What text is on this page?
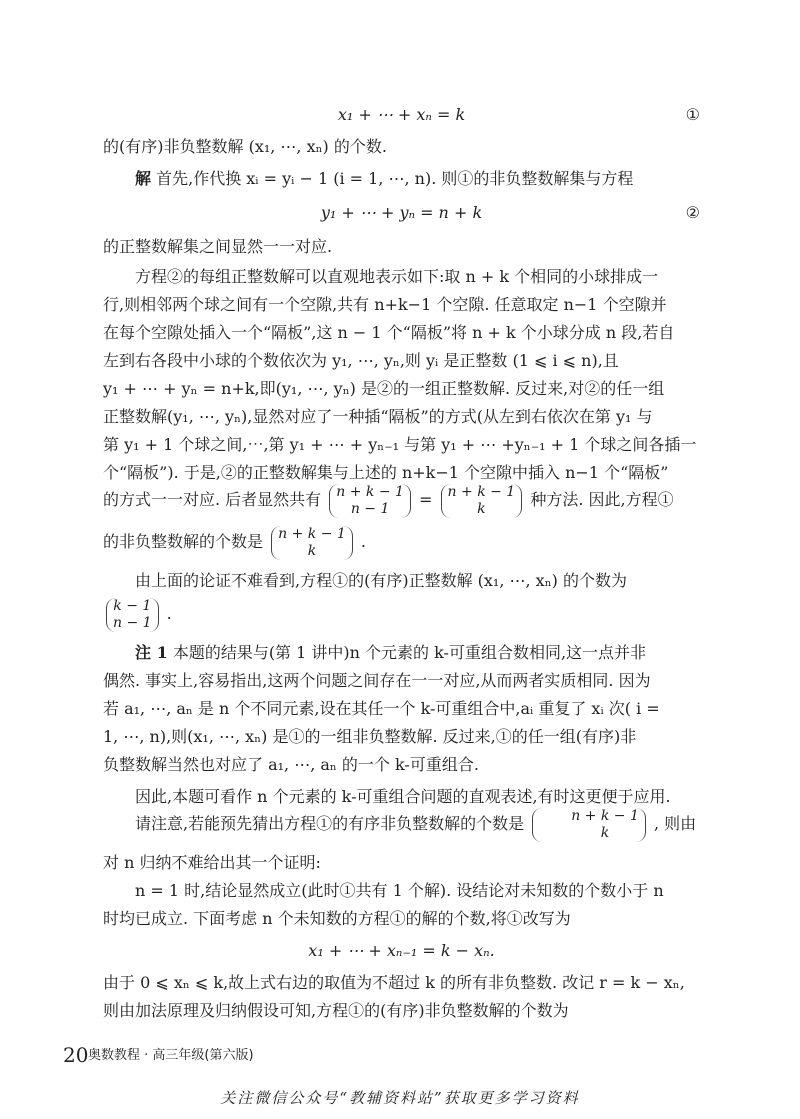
x₁ + ⋯ + xₙ = k	①
的(有序)非负整数解 (x₁, ⋯, xₙ) 的个数.
解 首先,作代换 xᵢ = yᵢ − 1 (i = 1, ⋯, n). 则①的非负整数解集与方程
y₁ + ⋯ + yₙ = n + k	②
的正整数解集之间显然一一对应.
方程②的每组正整数解可以直观地表示如下:取 n + k 个相同的小球排成一
行,则相邻两个球之间有一个空隙,共有 n+k−1 个空隙. 任意取定 n−1 个空隙并
在每个空隙处插入一个“隔板”,这 n − 1 个“隔板”将 n + k 个小球分成 n 段,若自
左到右各段中小球的个数依次为 y₁, ⋯, yₙ,则 yᵢ 是正整数 (1 ⩽ i ⩽ n),且
y₁ + ⋯ + yₙ = n+k,即(y₁, ⋯, yₙ) 是②的一组正整数解. 反过来,对②的任一组
正整数解(y₁, ⋯, yₙ),显然对应了一种插“隔板”的方式(从左到右依次在第 y₁ 与
第 y₁ + 1 个球之间,⋯,第 y₁ + ⋯ + yₙ₋₁ 与第 y₁ + ⋯ +yₙ₋₁ + 1 个球之间各插一
个“隔板”). 于是,②的正整数解集与上述的 n+k−1 个空隙中插入 n−1 个“隔板”
的方式一一对应. 后者显然共有 n + k − 1
n − 1	= n + k − 1
k	种方法. 因此,方程①
的非负整数解的个数是 n + k − 1
k	.
由上面的论证不难看到,方程①的(有序)正整数解 (x₁, ⋯, xₙ) 的个数为
k − 1
n − 1 .
注 1 本题的结果与(第 1 讲中)n 个元素的 k-可重组合数相同,这一点并非
偶然. 事实上,容易指出,这两个问题之间存在一一对应,从而两者实质相同. 因为
若 a₁, ⋯, aₙ 是 n 个不同元素,设在其任一个 k-可重组合中,aᵢ 重复了 xᵢ 次( i =
1, ⋯, n),则(x₁, ⋯, xₙ) 是①的一组非负整数解. 反过来,①的任一组(有序)非
负整数解当然也对应了 a₁, ⋯, aₙ 的一个 k-可重组合.
因此,本题可看作 n 个元素的 k-可重组合问题的直观表述,有时这更便于应用.
请注意,若能预先猜出方程①的有序非负整数解的个数是	n + k − 1
k	, 则由
对 n 归纳不难给出其一个证明:
n = 1 时,结论显然成立(此时①共有 1 个解). 设结论对未知数的个数小于 n
时均已成立. 下面考虑 n 个未知数的方程①的解的个数,将①改写为
x₁ + ⋯ + xₙ₋₁ = k − xₙ.
由于 0 ⩽ xₙ ⩽ k,故上式右边的取值为不超过 k 的所有非负整数. 改记 r = k − xₙ,
则由加法原理及归纳假设可知,方程①的(有序)非负整数解的个数为
20 奥数教程 · 高三年级(第六版)
关注微信公众号“教辅资料站”获取更多学习资料
